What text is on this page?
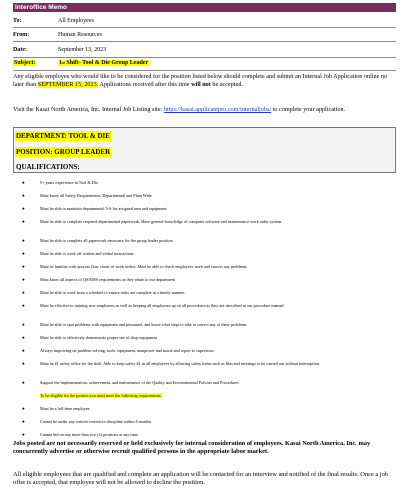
Interoffice Memo
To:	All Employees
From:	Human Resources
Date:	September 13, 2023
Subject:	1st Shift- Tool & Die Group Leader
Any eligible employee who would like to be considered for the position listed below should complete and submit an Internal Job Application online no later than SEPTEMBER 15, 2023. Applications received after this time will not be accepted.
Visit the Kasai North America, Inc. Internal Job Listing site: https://kasai.applicantpro.com/internaljobs/ to complete your application.
DEPARTMENT: TOOL & DIE
POSITION: GROUP LEADER
QUALIFICATIONS:
●	5+ years experience in Tool & Die
●	Must know all Safety Requirements, Departmental and Plant Wide
●	Must be able to maintain departmental 5-S for assigned area and equipment
●	Must be able to complete required departmental paperwork. Have general knowledge of computer software and maintenance work order system.
●	Must be able to complete all paperwork necessary for the group leader position.
●	Must be able to work off written and verbal instructions.
●	Must be familiar with process flow charts of work orders. Must be able to check employees work and correct any problems.
●	Must know all aspects of QS/EMS requirements as they relate to our department
●	Must be able to work from a schedule to ensure tasks are complete in a timely manner.
●	Must be effective in training new employees as well as keeping all employees up on all procedures as they are described in our procedure manual.
●	Must be able to spot problems with equipment and personnel, and know what steps to take to correct any of these problems
●	Must be able to effectively demonstrate proper use of shop equipment
●	Always improving on problem solving, tools, equipment, manpower and moral and report to supervisor.
●	Must be #1 safety office for the shift. Able to keep safety #1 in all employees by allowing safety items such as film and meetings to be carried out without interruption
●	Support the implementation, achievement, and maintenance of the Quality and Environmental Policies and Procedures
To be eligible for the positon you must meet the following requirements:
●	Must be a full-time employee.
●	Cannot be under any written corrective discipline within 6 months.
●	Cannot bid on any more than two (2) positions at any time.
Jobs posted are not necessarily reserved or held exclusively for internal consideration of employees. Kasai North America, Inc. may concurrently advertise or otherwise recruit qualified persons in the appropriate labor market.
All eligible employees that are qualified and complete an application will be contacted for an interview and notified of the final results. Once a job offer is accepted, that employee will not be allowed to decline the position.
